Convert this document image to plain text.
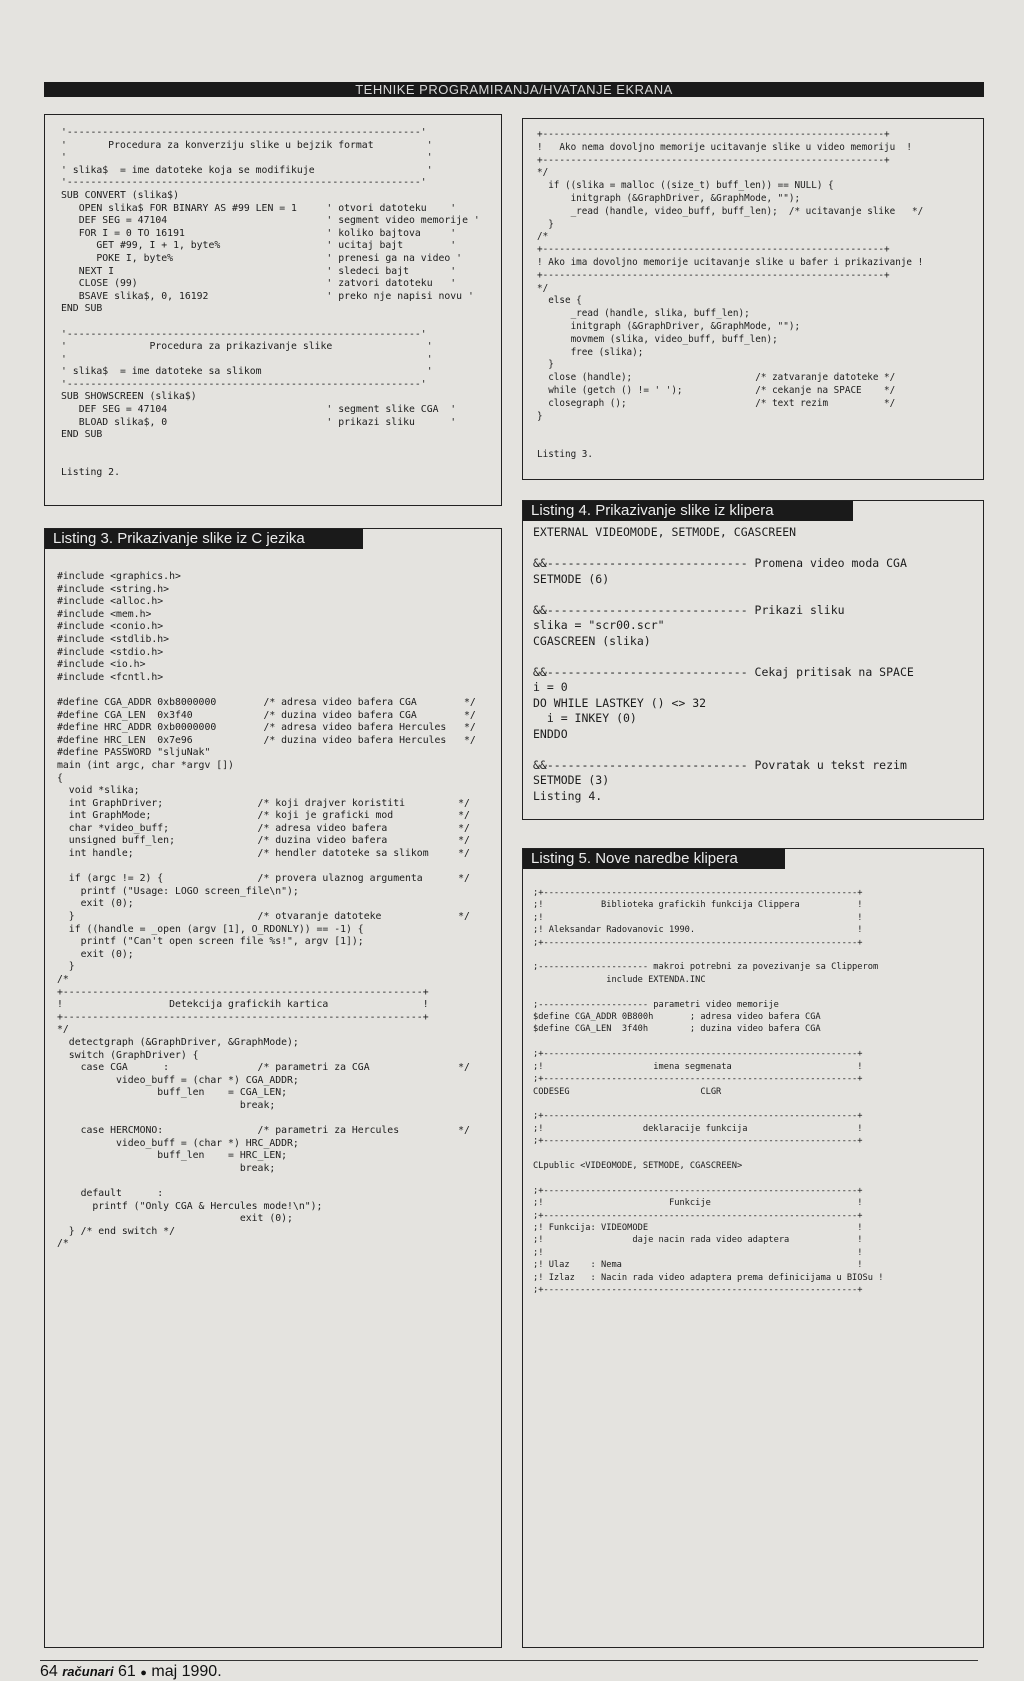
TEHNIKE PROGRAMIRANJA/HVATANJE EKRANA
'------------------------------------------------------------'
'       Procedura za konverziju slike u bejzik format         '
'                                                             '
' slika$  = ime datoteke koja se modifikuje                   '
'------------------------------------------------------------'
SUB CONVERT (slika$)
OPEN slika$ FOR BINARY AS #99 LEN = 1     ' otvori datoteku    '
DEF SEG = 47104                           ' segment video memorije '
FOR I = 0 TO 16191                        ' koliko bajtova     '
GET #99, I + 1, byte%                  ' ucitaj bajt        '
POKE I, byte%                          ' prenesi ga na video '
NEXT I                                    ' sledeci bajt       '
CLOSE (99)                                ' zatvori datoteku   '
BSAVE slika$, 0, 16192                    ' preko nje napisi novu '
END SUB

'------------------------------------------------------------'
'              Procedura za prikazivanje slike                '
'                                                             '
' slika$  = ime datoteke sa slikom                            '
'------------------------------------------------------------'
SUB SHOWSCREEN (slika$)
DEF SEG = 47104                           ' segment slike CGA  '
BLOAD slika$, 0                           ' prikazi sliku      '
END SUB

Listing 2.
+-------------------------------------------------------------+
!   Ako nema dovoljno memorije ucitavanje slike u video memoriju  !
+-------------------------------------------------------------+
*/
if ((slika = malloc ((size_t) buff_len)) == NULL) {
initgraph (&GraphDriver, &GraphMode, "");
_read (handle, video_buff, buff_len);  /* ucitavanje slike   */
}
/*
+-------------------------------------------------------------+
! Ako ima dovoljno memorije ucitavanje slike u bafer i prikazivanje !
+-------------------------------------------------------------+
*/
else {
_read (handle, slika, buff_len);
initgraph (&GraphDriver, &GraphMode, "");
movmem (slika, video_buff, buff_len);
free (slika);
}
close (handle);                      /* zatvaranje datoteke */
while (getch () != ' ');             /* cekanje na SPACE    */
closegraph ();                       /* text rezim          */
}

Listing 3.
Listing 3. Prikazivanje slike iz C jezika
#include <graphics.h>
#include <string.h>
#include <alloc.h>
#include <mem.h>
#include <conio.h>
#include <stdlib.h>
#include <stdio.h>
#include <io.h>
#include <fcntl.h>

#define CGA_ADDR 0xb8000000        /* adresa video bafera CGA        */
#define CGA_LEN  0x3f40            /* duzina video bafera CGA        */
#define HRC_ADDR 0xb0000000        /* adresa video bafera Hercules   */
#define HRC_LEN  0x7e96            /* duzina video bafera Hercules   */
#define PASSWORD "sljuNak"
main (int argc, char *argv [])
{
void *slika;
int GraphDriver;                /* koji drajver koristiti         */
int GraphMode;                  /* koji je graficki mod           */
char *video_buff;               /* adresa video bafera            */
unsigned buff_len;              /* duzina video bafera            */
int handle;                     /* hendler datoteke sa slikom     */

if (argc != 2) {                /* provera ulaznog argumenta      */
printf ("Usage: LOGO screen_file\n");
exit (0);
}                               /* otvaranje datoteke             */
if ((handle = _open (argv [1], O_RDONLY)) == -1) {
printf ("Can't open screen file %s!", argv [1]);
exit (0);
}
/*
+-------------------------------------------------------------+
!                  Detekcija grafickih kartica                !
+-------------------------------------------------------------+
*/
detectgraph (&GraphDriver, &GraphMode);
switch (GraphDriver) {
case CGA      :               /* parametri za CGA               */
video_buff = (char *) CGA_ADDR;
buff_len    = CGA_LEN;
break;

case HERCMONO:                /* parametri za Hercules          */
video_buff = (char *) HRC_ADDR;
buff_len    = HRC_LEN;
break;

default      :
printf ("Only CGA & Hercules mode!\n");
exit (0);
} /* end switch */
/*
Listing 4. Prikazivanje slike iz klipera
EXTERNAL VIDEOMODE, SETMODE, CGASCREEN

&&----------------------------- Promena video moda CGA
SETMODE (6)

&&----------------------------- Prikazi sliku
slika = "scr00.scr"
CGASCREEN (slika)

&&----------------------------- Cekaj pritisak na SPACE
i = 0
DO WHILE LASTKEY () <> 32
i = INKEY (0)
ENDDO

&&----------------------------- Povratak u tekst rezim
SETMODE (3)
Listing 4.
Listing 5. Nove naredbe klipera
;+------------------------------------------------------------+
;!           Biblioteka grafickih funkcija Clippera           !
;!                                                            !
;! Aleksandar Radovanovic 1990.                               !
;+------------------------------------------------------------+

;--------------------- makroi potrebni za povezivanje sa Clipperom
include EXTENDA.INC

;--------------------- parametri video memorije
$define CGA_ADDR 0B800h       ; adresa video bafera CGA
$define CGA_LEN  3f40h        ; duzina video bafera CGA

;+------------------------------------------------------------+
;!                     imena segmenata                        !
;+------------------------------------------------------------+
CODESEG                         CLGR

;+------------------------------------------------------------+
;!                   deklaracije funkcija                     !
;+------------------------------------------------------------+

CLpublic <VIDEOMODE, SETMODE, CGASCREEN>

;+------------------------------------------------------------+
;!                        Funkcije                            !
;+------------------------------------------------------------+
;! Funkcija: VIDEOMODE                                        !
;!                 daje nacin rada video adaptera             !
;!                                                            !
;! Ulaz    : Nema                                             !
;! Izlaz   : Nacin rada video adaptera prema definicijama u BIOSu !
;+------------------------------------------------------------+
64 računari 61 ● maj 1990.
